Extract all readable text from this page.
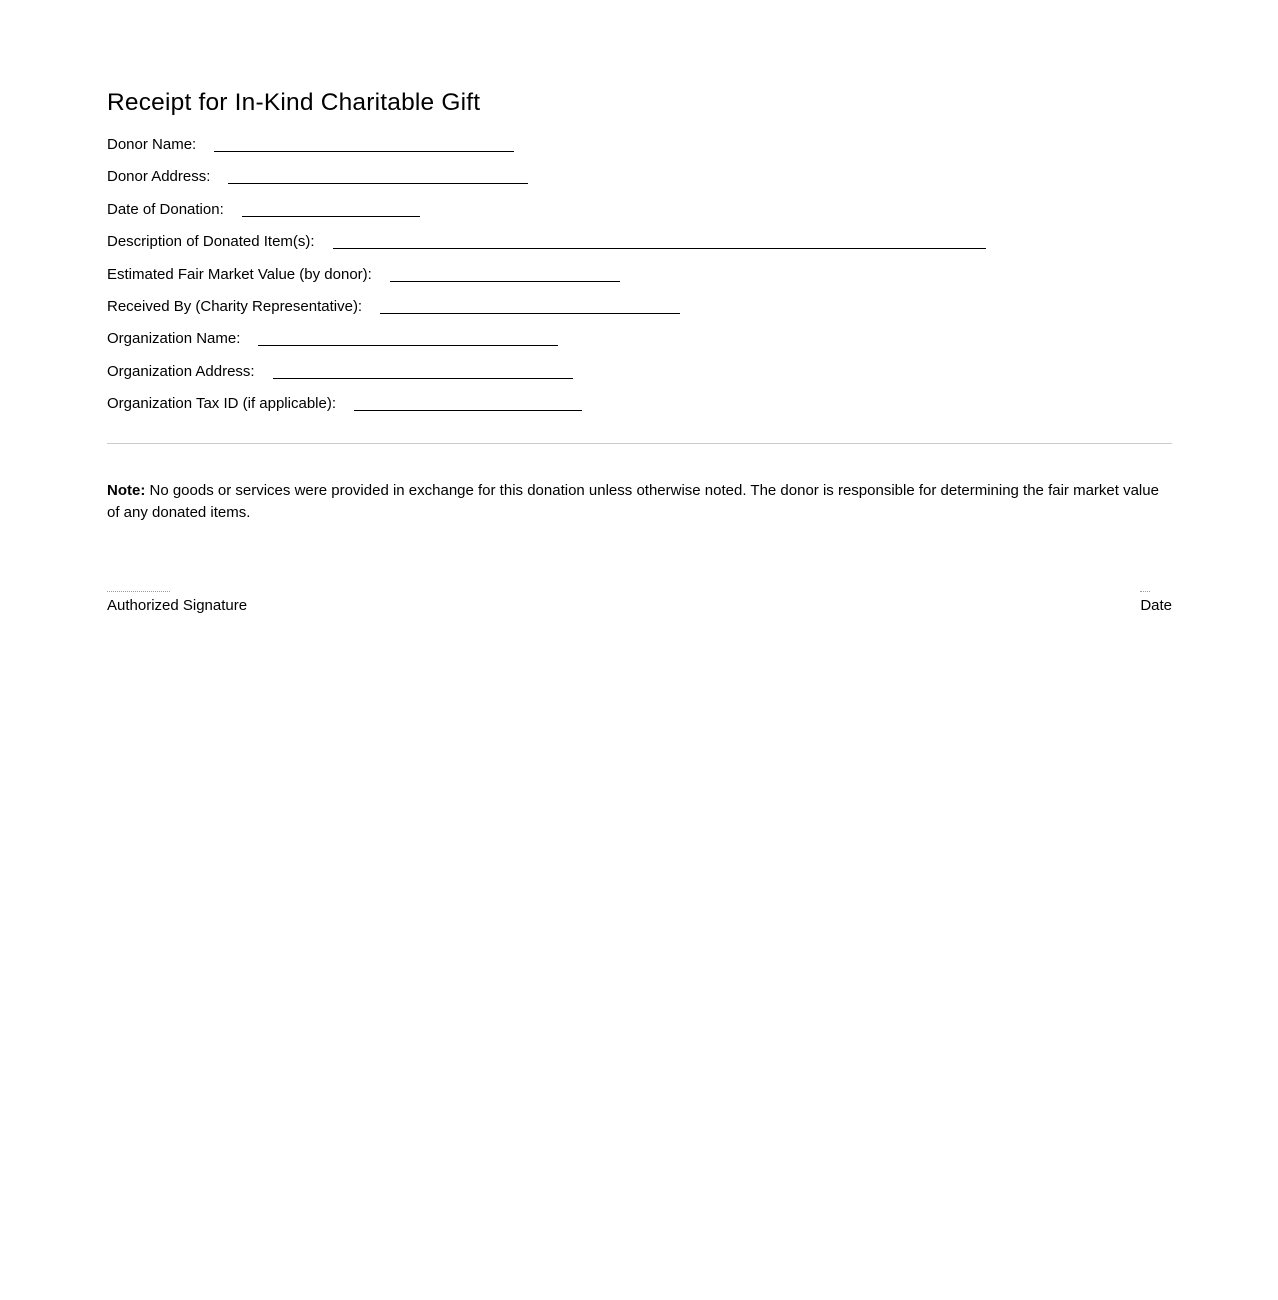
Receipt for In-Kind Charitable Gift
Donor Name:
Donor Address:
Date of Donation:
Description of Donated Item(s):
Estimated Fair Market Value (by donor):
Received By (Charity Representative):
Organization Name:
Organization Address:
Organization Tax ID (if applicable):

Note: No goods or services were provided in exchange for this donation unless otherwise noted. The donor is responsible for determining the fair market value of any donated items.

Authorized Signature	Date
